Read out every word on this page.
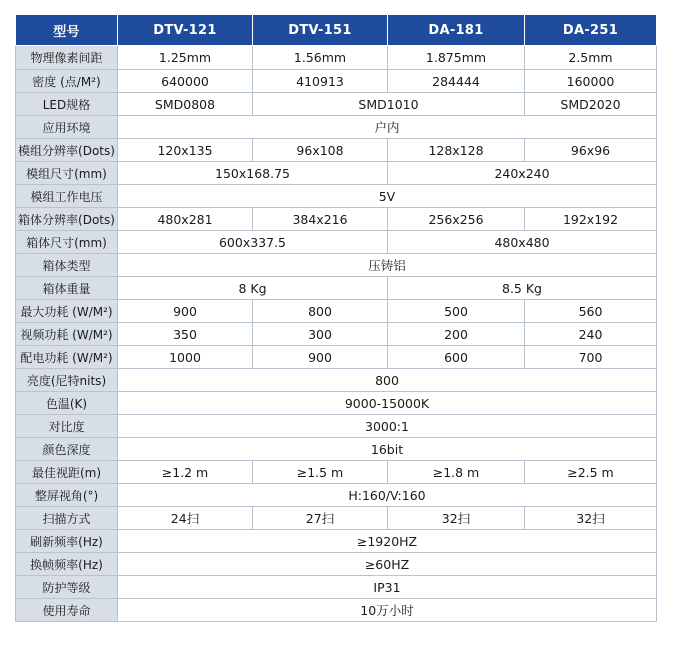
型号	DTV-121	DTV-151	DA-181	DA-251
物理像素间距	1.25mm	1.56mm	1.875mm	2.5mm
密度 (点/M²)	640000	410913	284444	160000
LED规格	SMD0808	SMD1010		SMD2020
应用环境	户内			
模组分辨率(Dots)	120x135	96x108	128x128	96x96
模组尺寸(mm)	150x168.75		240x240	
模组工作电压	5V			
箱体分辨率(Dots)	480x281	384x216	256x256	192x192
箱体尺寸(mm)	600x337.5		480x480	
箱体类型	压铸铝			
箱体重量	8 Kg		8.5 Kg	
最大功耗 (W/M²)	900	800	500	560
视频功耗 (W/M²)	350	300	200	240
配电功耗 (W/M²)	1000	900	600	700
亮度(尼特nits)	800			
色温(K)	9000-15000K			
对比度	3000:1			
颜色深度	16bit			
最佳视距(m)	≥1.2 m	≥1.5 m	≥1.8 m	≥2.5 m
整屏视角(°)	H:160/V:160			
扫描方式	24扫	27扫	32扫	32扫
刷新频率(Hz)	≥1920HZ			
换帧频率(Hz)	≥60HZ			
防护等级	IP31			
使用寿命	10万小时			
